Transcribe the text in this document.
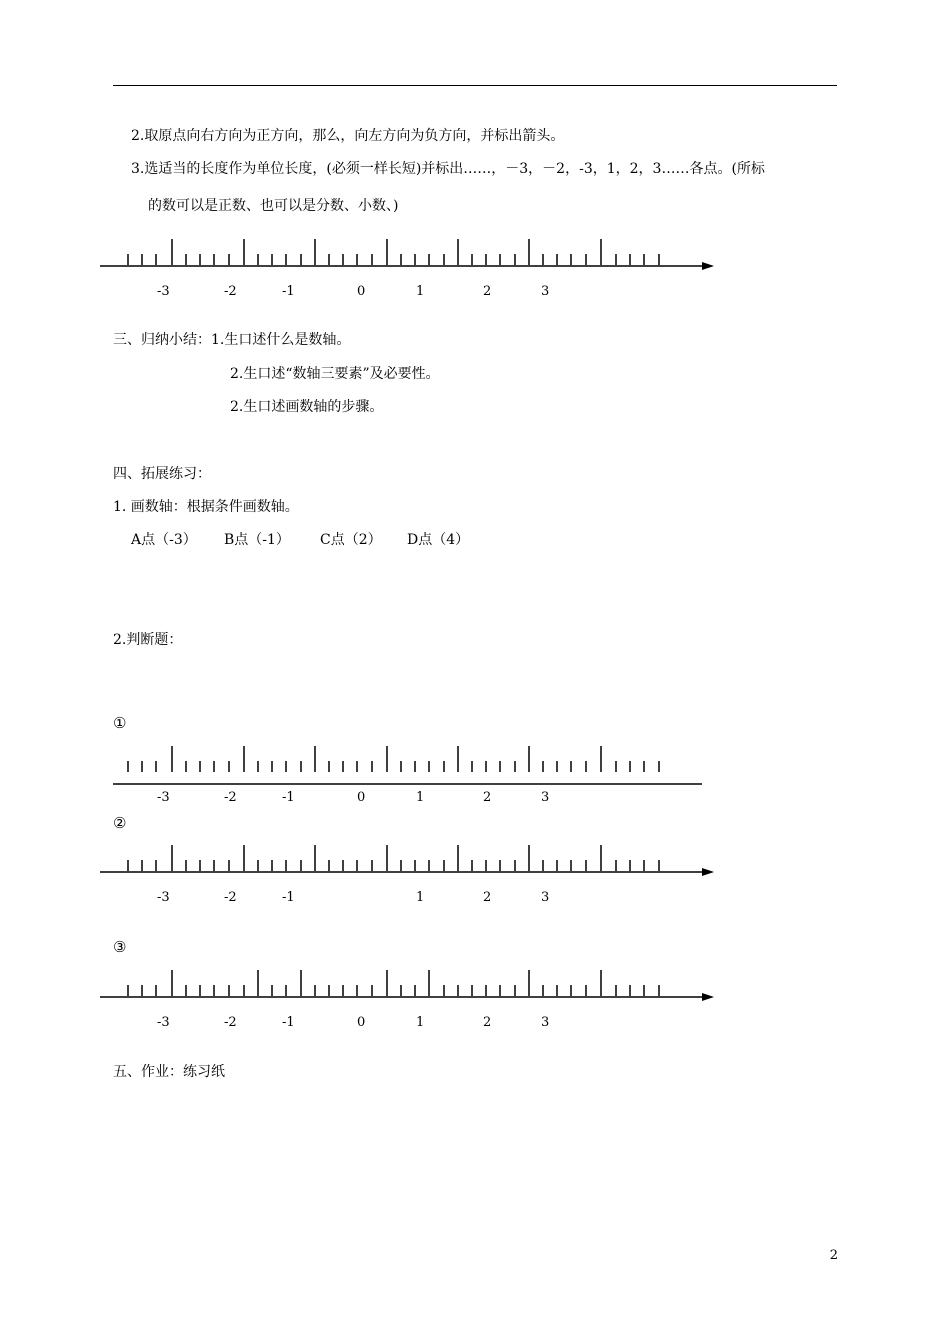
2.取原点向右方向为正方向，那么，向左方向为负方向，并标出箭头。
3.选适当的长度作为单位长度，(必须一样长短)并标出……，－3，－2，-3，1，2，3……各点。(所标
的数可以是正数、也可以是分数、小数、)
-3	-2	-1	0	1	2	3
三、归纳小结：1.生口述什么是数轴。
2.生口述“数轴三要素”及必要性。
2.生口述画数轴的步骤。
四、拓展练习：
1. 画数轴：根据条件画数轴。
A点（-3） B点（-1） C点（2） D点（4）
2.判断题：
①
-3	-2	-1	0	1	2	3
②
-3	-2	-1	1	2	3
③
-3	-2	-1	0	1	2	3
五、作业：练习纸
2
